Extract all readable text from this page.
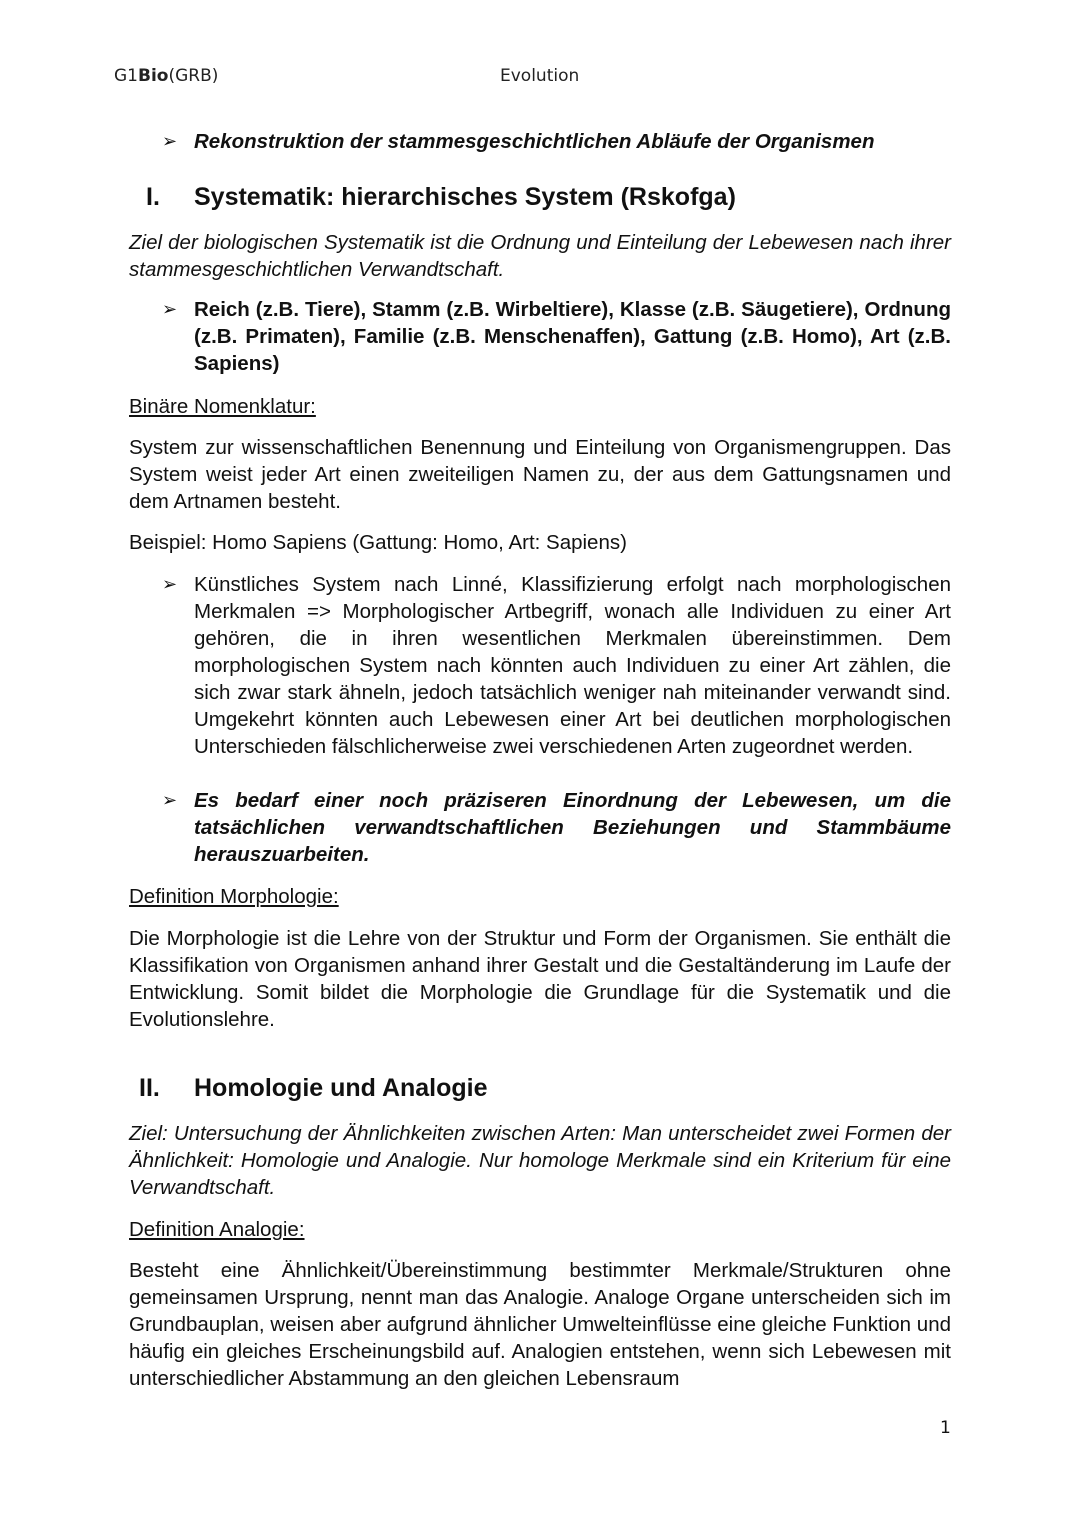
G1Bio(GRB)	Evolution
➢ Rekonstruktion der stammesgeschichtlichen Abläufe der Organismen
I. Systematik: hierarchisches System (Rskofga)
Ziel der biologischen Systematik ist die Ordnung und Einteilung der Lebewesen nach ihrer stammesgeschichtlichen Verwandtschaft.
➢ Reich (z.B. Tiere), Stamm (z.B. Wirbeltiere), Klasse (z.B. Säugetiere), Ordnung (z.B. Primaten), Familie (z.B. Menschenaffen), Gattung (z.B. Homo), Art (z.B. Sapiens)
Binäre Nomenklatur:
System zur wissenschaftlichen Benennung und Einteilung von Organismengruppen. Das System weist jeder Art einen zweiteiligen Namen zu, der aus dem Gattungsnamen und dem Artnamen besteht.
Beispiel: Homo Sapiens (Gattung: Homo, Art: Sapiens)
➢ Künstliches System nach Linné, Klassifizierung erfolgt nach morphologischen Merkmalen => Morphologischer Artbegriff, wonach alle Individuen zu einer Art gehören, die in ihren wesentlichen Merkmalen übereinstimmen. Dem morphologischen System nach könnten auch Individuen zu einer Art zählen, die sich zwar stark ähneln, jedoch tatsächlich weniger nah miteinander verwandt sind. Umgekehrt könnten auch Lebewesen einer Art bei deutlichen morphologischen Unterschieden fälschlicherweise zwei verschiedenen Arten zugeordnet werden.
➢ Es bedarf einer noch präziseren Einordnung der Lebewesen, um die tatsächlichen verwandtschaftlichen Beziehungen und Stammbäume herauszuarbeiten.
Definition Morphologie:
Die Morphologie ist die Lehre von der Struktur und Form der Organismen. Sie enthält die Klassifikation von Organismen anhand ihrer Gestalt und die Gestaltänderung im Laufe der Entwicklung. Somit bildet die Morphologie die Grundlage für die Systematik und die Evolutionslehre.
II. Homologie und Analogie
Ziel: Untersuchung der Ähnlichkeiten zwischen Arten: Man unterscheidet zwei Formen der Ähnlichkeit: Homologie und Analogie. Nur homologe Merkmale sind ein Kriterium für eine Verwandtschaft.
Definition Analogie:
Besteht eine Ähnlichkeit/Übereinstimmung bestimmter Merkmale/Strukturen ohne gemeinsamen Ursprung, nennt man das Analogie. Analoge Organe unterscheiden sich im Grundbauplan, weisen aber aufgrund ähnlicher Umwelteinflüsse eine gleiche Funktion und häufig ein gleiches Erscheinungsbild auf. Analogien entstehen, wenn sich Lebewesen mit unterschiedlicher Abstammung an den gleichen Lebensraum
1
